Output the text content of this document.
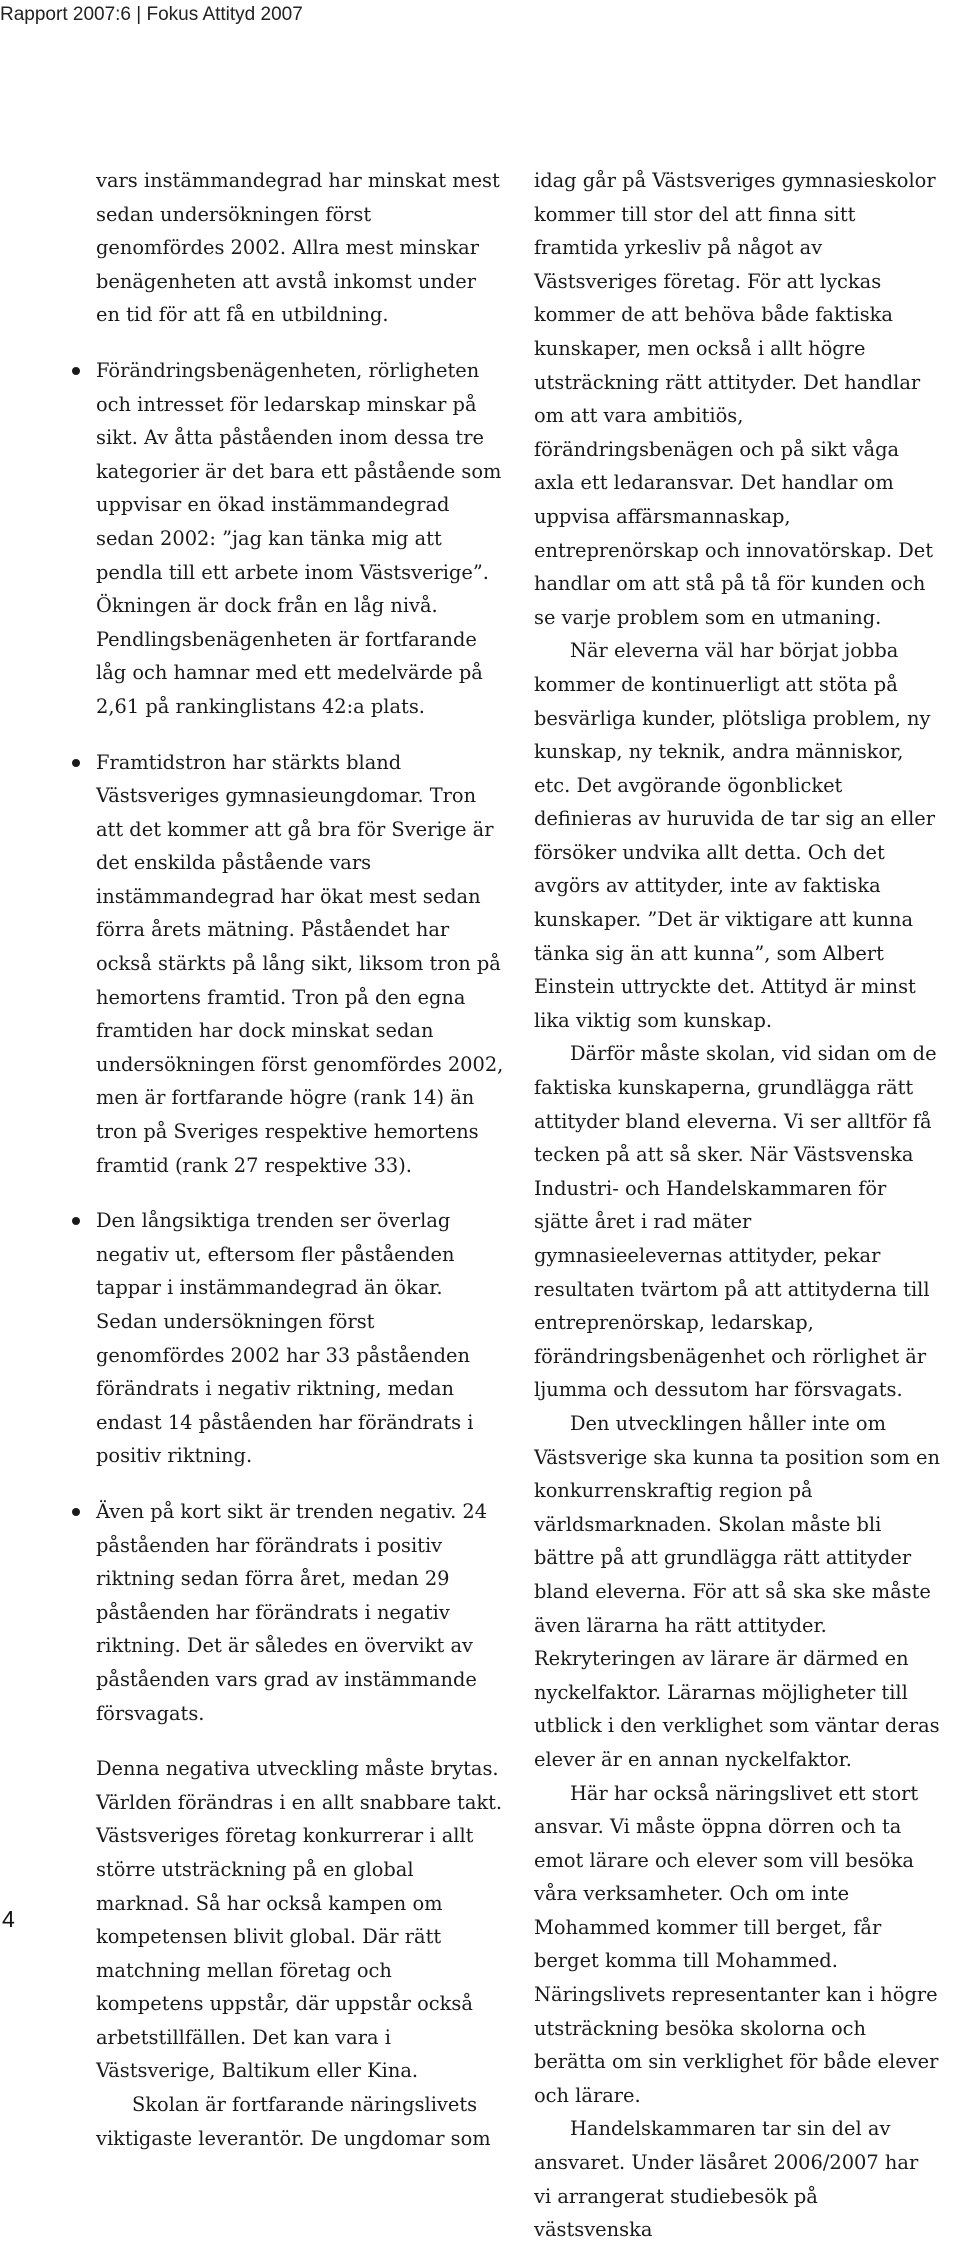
Rapport 2007:6 | Fokus Attityd 2007

vars instämmandegrad har minskat mest sedan undersökningen först genomfördes 2002. Allra mest minskar benägenheten att avstå inkomst under en tid för att få en utbildning.

Förändringsbenägenheten, rörligheten och intresset för ledarskap minskar på sikt. Av åtta påståenden inom dessa tre kategorier är det bara ett påstående som uppvisar en ökad instämmandegrad sedan 2002: ”jag kan tänka mig att pendla till ett arbete inom Västsverige”. Ökningen är dock från en låg nivå. Pendlingsbenägenheten är fortfarande låg och hamnar med ett medelvärde på 2,61 på rankinglistans 42:a plats.
Framtidstron har stärkts bland Västsveriges gymnasieungdomar. Tron att det kommer att gå bra för Sverige är det enskilda påstående vars instämmandegrad har ökat mest sedan förra årets mätning. Påståendet har också stärkts på lång sikt, liksom tron på hemortens framtid. Tron på den egna framtiden har dock minskat sedan undersökningen först genomfördes 2002, men är fortfarande högre (rank 14) än tron på Sveriges respektive hemortens framtid (rank 27 respektive 33).
Den långsiktiga trenden ser överlag negativ ut, eftersom fler påståenden tappar i instämmandegrad än ökar. Sedan undersökningen först genomfördes 2002 har 33 påståenden förändrats i negativ riktning, medan endast 14 påståenden har förändrats i positiv riktning.
Även på kort sikt är trenden negativ. 24 påståenden har förändrats i positiv riktning sedan förra året, medan 29 påståenden har förändrats i negativ riktning. Det är således en övervikt av påståenden vars grad av instämmande försvagats.

Denna negativa utveckling måste brytas. Världen förändras i en allt snabbare takt. Västsveriges företag konkurrerar i allt större utsträckning på en global marknad. Så har också kampen om kompetensen blivit global. Där rätt matchning mellan företag och kompetens uppstår, där uppstår också arbetstillfällen. Det kan vara i Västsverige, Baltikum eller Kina.

Skolan är fortfarande näringslivets viktigaste leverantör. De ungdomar som

idag går på Västsveriges gymnasieskolor kommer till stor del att finna sitt framtida yrkesliv på något av Västsveriges företag. För att lyckas kommer de att behöva både faktiska kunskaper, men också i allt högre utsträckning rätt attityder. Det handlar om att vara ambitiös, förändringsbenägen och på sikt våga axla ett ledaransvar. Det handlar om uppvisa affärsmannaskap, entreprenörskap och innovatörskap. Det handlar om att stå på tå för kunden och se varje problem som en utmaning.

När eleverna väl har börjat jobba kommer de kontinuerligt att stöta på besvärliga kunder, plötsliga problem, ny kunskap, ny teknik, andra människor, etc. Det avgörande ögonblicket definieras av huruvida de tar sig an eller försöker undvika allt detta. Och det avgörs av attityder, inte av faktiska kunskaper. ”Det är viktigare att kunna tänka sig än att kunna”, som Albert Einstein uttryckte det. Attityd är minst lika viktig som kunskap.

Därför måste skolan, vid sidan om de faktiska kunskaperna, grundlägga rätt attityder bland eleverna. Vi ser alltför få tecken på att så sker. När Västsvenska Industri- och Handelskammaren för sjätte året i rad mäter gymnasieelevernas attityder, pekar resultaten tvärtom på att attityderna till entreprenörskap, ledarskap, förändringsbenägenhet och rörlighet är ljumma och dessutom har försvagats.

Den utvecklingen håller inte om Västsverige ska kunna ta position som en konkurrenskraftig region på världsmarknaden. Skolan måste bli bättre på att grundlägga rätt attityder bland eleverna. För att så ska ske måste även lärarna ha rätt attityder. Rekryteringen av lärare är därmed en nyckelfaktor. Lärarnas möjligheter till utblick i den verklighet som väntar deras elever är en annan nyckelfaktor.

Här har också näringslivet ett stort ansvar. Vi måste öppna dörren och ta emot lärare och elever som vill besöka våra verksamheter. Och om inte Mohammed kommer till berget, får berget komma till Mohammed. Näringslivets representanter kan i högre utsträckning besöka skolorna och berätta om sin verklighet för både elever och lärare.

Handelskammaren tar sin del av ansvaret. Under läsåret 2006/2007 har vi arrangerat studiebesök på västsvenska

4
